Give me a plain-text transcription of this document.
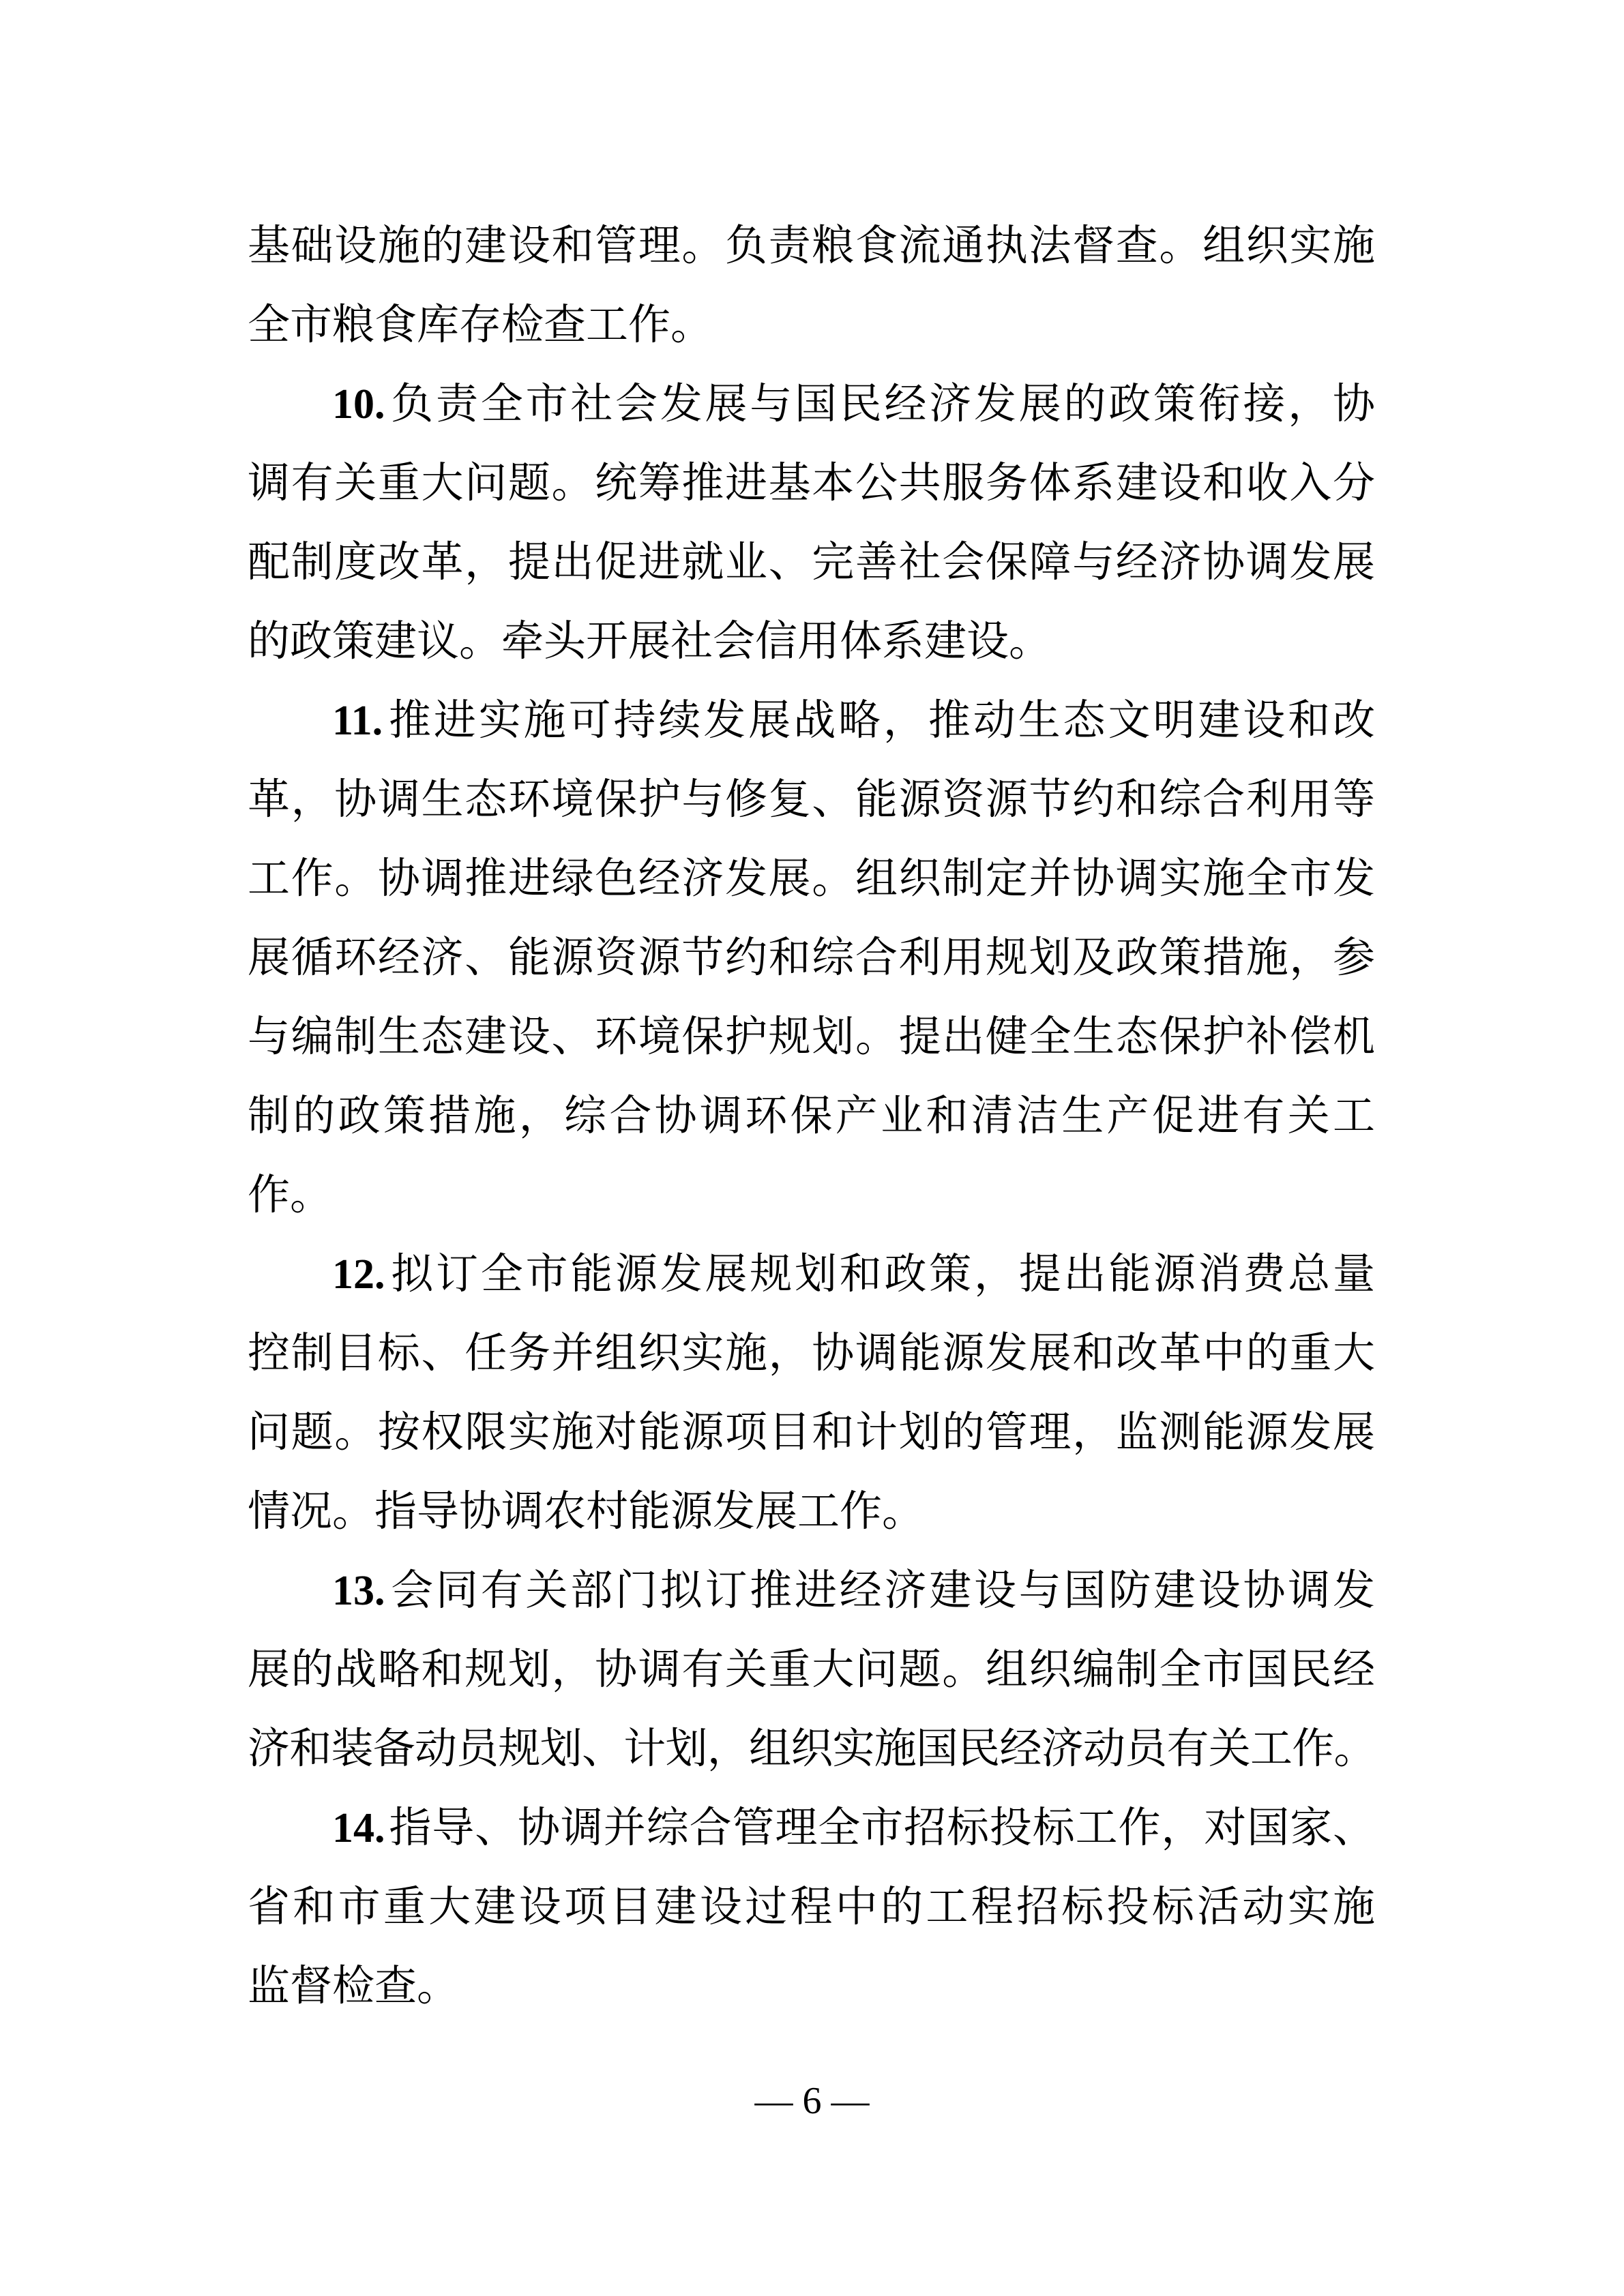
基础设施的建设和管理。负责粮食流通执法督查。组织实施
全市粮食库存检查工作。
10.负责全市社会发展与国民经济发展的政策衔接，协
调有关重大问题。统筹推进基本公共服务体系建设和收入分
配制度改革，提出促进就业、完善社会保障与经济协调发展
的政策建议。牵头开展社会信用体系建设。
11.推进实施可持续发展战略，推动生态文明建设和改
革，协调生态环境保护与修复、能源资源节约和综合利用等
工作。协调推进绿色经济发展。组织制定并协调实施全市发
展循环经济、能源资源节约和综合利用规划及政策措施，参
与编制生态建设、环境保护规划。提出健全生态保护补偿机
制的政策措施，综合协调环保产业和清洁生产促进有关工
作。
12.拟订全市能源发展规划和政策，提出能源消费总量
控制目标、任务并组织实施，协调能源发展和改革中的重大
问题。按权限实施对能源项目和计划的管理，监测能源发展
情况。指导协调农村能源发展工作。
13.会同有关部门拟订推进经济建设与国防建设协调发
展的战略和规划，协调有关重大问题。组织编制全市国民经
济和装备动员规划、计划，组织实施国民经济动员有关工作。
14.指导、协调并综合管理全市招标投标工作，对国家、
省和市重大建设项目建设过程中的工程招标投标活动实施
监督检查。
— 6 —
